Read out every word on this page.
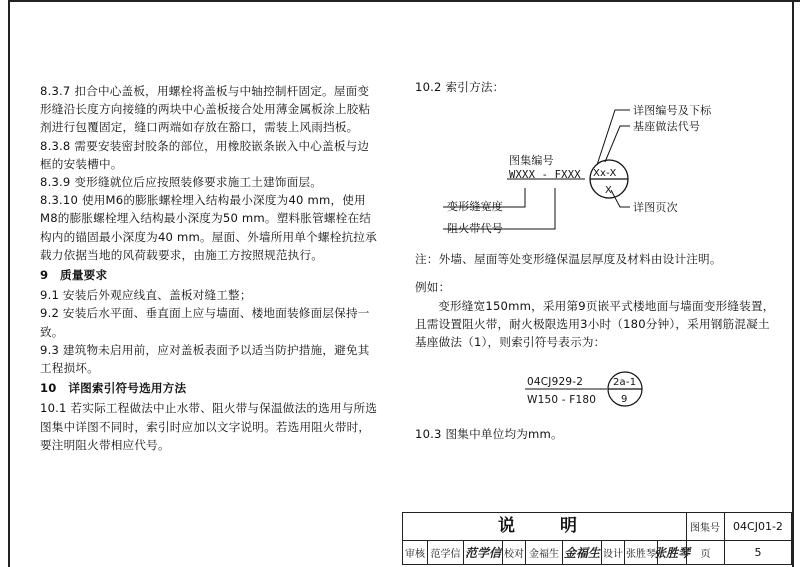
8.3.7 扣合中心盖板，用螺栓将盖板与中轴控制杆固定。屋面变形缝沿长度方向接缝的两块中心盖板接合处用薄金属板涂上胶粘剂进行包覆固定，缝口两端如存放在豁口，需装上风雨挡板。

8.3.8 需要安装密封胶条的部位，用橡胶嵌条嵌入中心盖板与边框的安装槽中。

8.3.9 变形缝就位后应按照装修要求施工土建饰面层。

8.3.10 使用M6的膨胀螺栓埋入结构最小深度为40 mm，使用M8的膨胀螺栓埋入结构最小深度为50 mm。塑料胀管螺栓在结构内的锚固最小深度为40 mm。屋面、外墙所用单个螺栓抗拉承载力依据当地的风荷载要求，由施工方按照规范执行。

9　质量要求

9.1 安装后外观应线直、盖板对缝工整；

9.2 安装后水平面、垂直面上应与墙面、楼地面装修面层保持一致。

9.3 建筑物未启用前，应对盖板表面予以适当防护措施，避免其工程损坏。

10　详图索引符号选用方法

10.1 若实际工程做法中止水带、阻火带与保温做法的选用与所选图集中详图不同时，索引时应加以文字说明。若选用阻火带时，要注明阻火带相应代号。

10.2 索引方法：

图集编号
WXXX - FXXX Xx-X
X
详图编号及下标
基座做法代号
详图页次
变形缝宽度
阻火带代号

注：外墙、屋面等处变形缝保温层厚度及材料由设计注明。

例如：

变形缝宽150mm，采用第9页嵌平式楼地面与墙面变形缝装置，且需设置阻火带，耐火极限选用3小时（180分钟），采用钢筋混凝土基座做法（1），则索引符号表示为：

04CJ929-2
W150 - F180
2a-1
9

10.3 图集中单位均为mm。

说　明	图集号	04CJ01-2
审核 范学信 范学信 校对 金福生 金福生 设计 张胜琴
张胜琴	页	5
